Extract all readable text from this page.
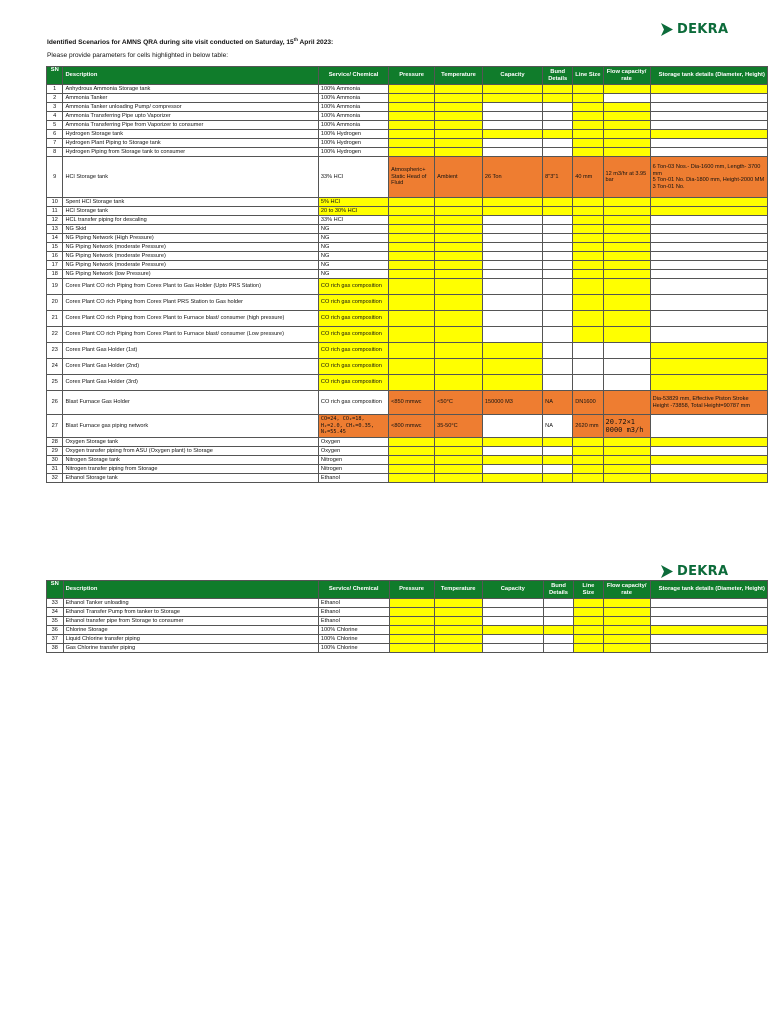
DEKRA
Identified Scenarios for AMNS QRA during site visit conducted on Saturday, 15th April 2023:
Please provide parameters for cells highlighted in below table:
SN	Description	Service/ Chemical	Pressure	Temperature	Capacity	Bund Details	Line Size	Flow capacity/ rate	Storage tank details (Diameter, Height)
1	Anhydrous Ammonia Storage tank	100% Ammonia							
2	Ammonia Tanker	100% Ammonia							
3	Ammonia Tanker unloading Pump/ compressor	100% Ammonia							
4	Ammonia Transferring Pipe upto Vaporizer	100% Ammonia							
5	Ammonia Transferring Pipe from Vaporizer to consumer	100% Ammonia							
6	Hydrogen Storage tank	100% Hydrogen							
7	Hydrogen Plant Piping to Storage tank	100% Hydrogen							
8	Hydrogen Piping from Storage tank to consumer	100% Hydrogen							
9	HCl Storage tank	33% HCl	Atmospheric+ Static Head of Fluid	Ambient	26 Ton	8"3"1	40 mm	12 m3/hr at 3.95 bar	6 Ton-03 Nos.- Dia-1600 mm, Length- 3700 mm
5 Ton-01 No. Dia-1800 mm, Height-2000 MM
3 Ton-01 No.
10	Spent HCl Storage tank	5% HCl							
11	HCl Storage tank	20 to 30% HCl							
12	HCL transfer piping for descaling	33% HCl							
13	NG Skid	NG							
14	NG Piping Network (High Pressure)	NG							
15	NG Piping Network (moderate Pressure)	NG							
16	NG Piping Network (moderate Pressure)	NG							
17	NG Piping Network (moderate Pressure)	NG							
18	NG Piping Network (low Pressure)	NG							
19	Corex Plant CO rich Piping from Corex Plant to Gas Holder (Upto PRS Station)	CO rich gas composition							
20	Corex Plant CO rich Piping from Corex Plant PRS Station to Gas holder	CO rich gas composition							
21	Corex Plant CO rich Piping from Corex Plant to Furnace blast/ consumer (high pressure)	CO rich gas composition							
22	Corex Plant CO rich Piping from Corex Plant to Furnace blast/ consumer (Low pressure)	CO rich gas composition							
23	Corex Plant Gas Holder (1st)	CO rich gas composition							
24	Corex Plant Gas Holder (2nd)	CO rich gas composition							
25	Corex Plant Gas Holder (3rd)	CO rich gas composition							
26	Blast Furnace Gas Holder	CO rich gas composition	<850 mmwc	<50°C	150000 M3	NA	DN1600		Dia-53829 mm, Effective Piston Stroke Height -73858, Total Height=90787 mm
27	Blast Furnace gas piping network	CO=24, CO₂=18, H₂=2.0, CH₄=0.35, N₂=55.45	<800 mmwc	35-50°C		NA	2620 mm	20.72×1 0000 m3/h	
28	Oxygen Storage tank	Oxygen							
29	Oxygen transfer piping from ASU (Oxygen plant) to Storage	Oxygen							
30	Nitrogen Storage tank	Nitrogen							
31	Nitrogen transfer piping from Storage	Nitrogen							
32	Ethanol Storage tank	Ethanol							
DEKRA
SN	Description	Service/ Chemical	Pressure	Temperature	Capacity	Bund Details	Line Size	Flow capacity/ rate	Storage tank details (Diameter, Height)
33	Ethanol Tanker unloading	Ethanol							
34	Ethanol Transfer Pump from tanker to Storage	Ethanol							
35	Ethanol transfer pipe from Storage to consumer	Ethanol							
36	Chlorine Storage	100% Chlorine							
37	Liquid Chlorine transfer piping	100% Chlorine							
38	Gas Chlorine transfer piping	100% Chlorine							
